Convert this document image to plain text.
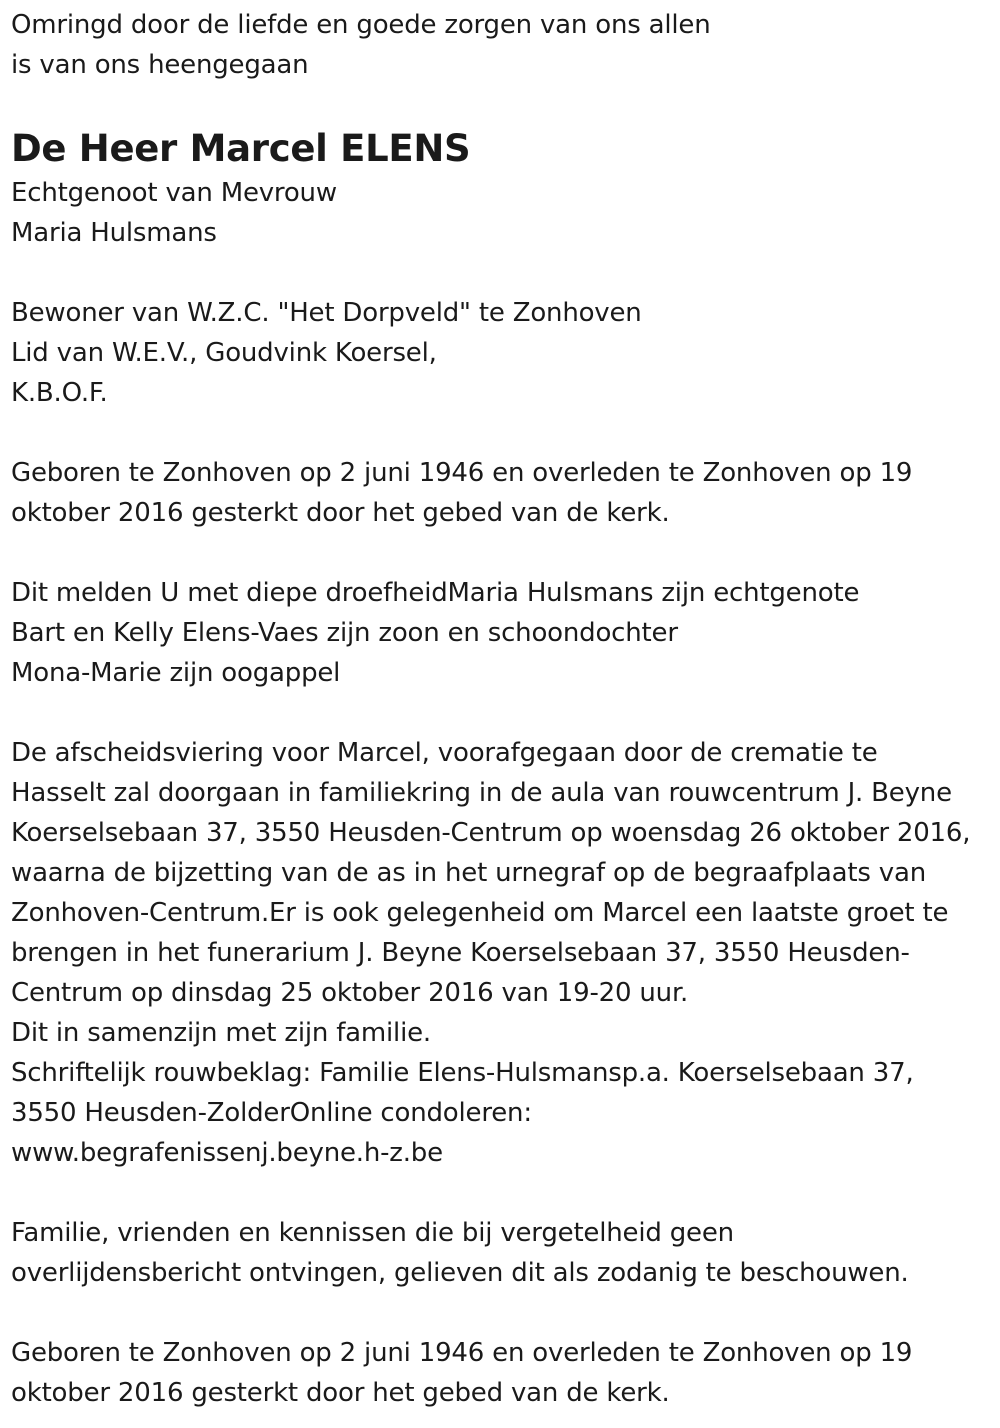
Omringd door de liefde en goede zorgen van ons allen
is van ons heengegaan
De Heer Marcel ELENS
Echtgenoot van Mevrouw
Maria Hulsmans
Bewoner van W.Z.C. "Het Dorpveld" te Zonhoven
Lid van W.E.V., Goudvink Koersel,
K.B.O.F.
Geboren te Zonhoven op 2 juni 1946 en overleden te Zonhoven op 19
oktober 2016 gesterkt door het gebed van de kerk.
Dit melden U met diepe droefheidMaria Hulsmans zijn echtgenote
Bart en Kelly Elens-Vaes zijn zoon en schoondochter
Mona-Marie zijn oogappel
De afscheidsviering voor Marcel, voorafgegaan door de crematie te
Hasselt zal doorgaan in familiekring in de aula van rouwcentrum J. Beyne
Koerselsebaan 37, 3550 Heusden-Centrum op woensdag 26 oktober 2016,
waarna de bijzetting van de as in het urnegraf op de begraafplaats van
Zonhoven-Centrum.Er is ook gelegenheid om Marcel een laatste groet te
brengen in het funerarium J. Beyne Koerselsebaan 37, 3550 Heusden-
Centrum op dinsdag 25 oktober 2016 van 19-20 uur.
Dit in samenzijn met zijn familie.
Schriftelijk rouwbeklag: Familie Elens-Hulsmansp.a. Koerselsebaan 37,
3550 Heusden-ZolderOnline condoleren:
www.begrafenissenj.beyne.h-z.be
Familie, vrienden en kennissen die bij vergetelheid geen
overlijdensbericht ontvingen, gelieven dit als zodanig te beschouwen.
Geboren te Zonhoven op 2 juni 1946 en overleden te Zonhoven op 19
oktober 2016 gesterkt door het gebed van de kerk.
